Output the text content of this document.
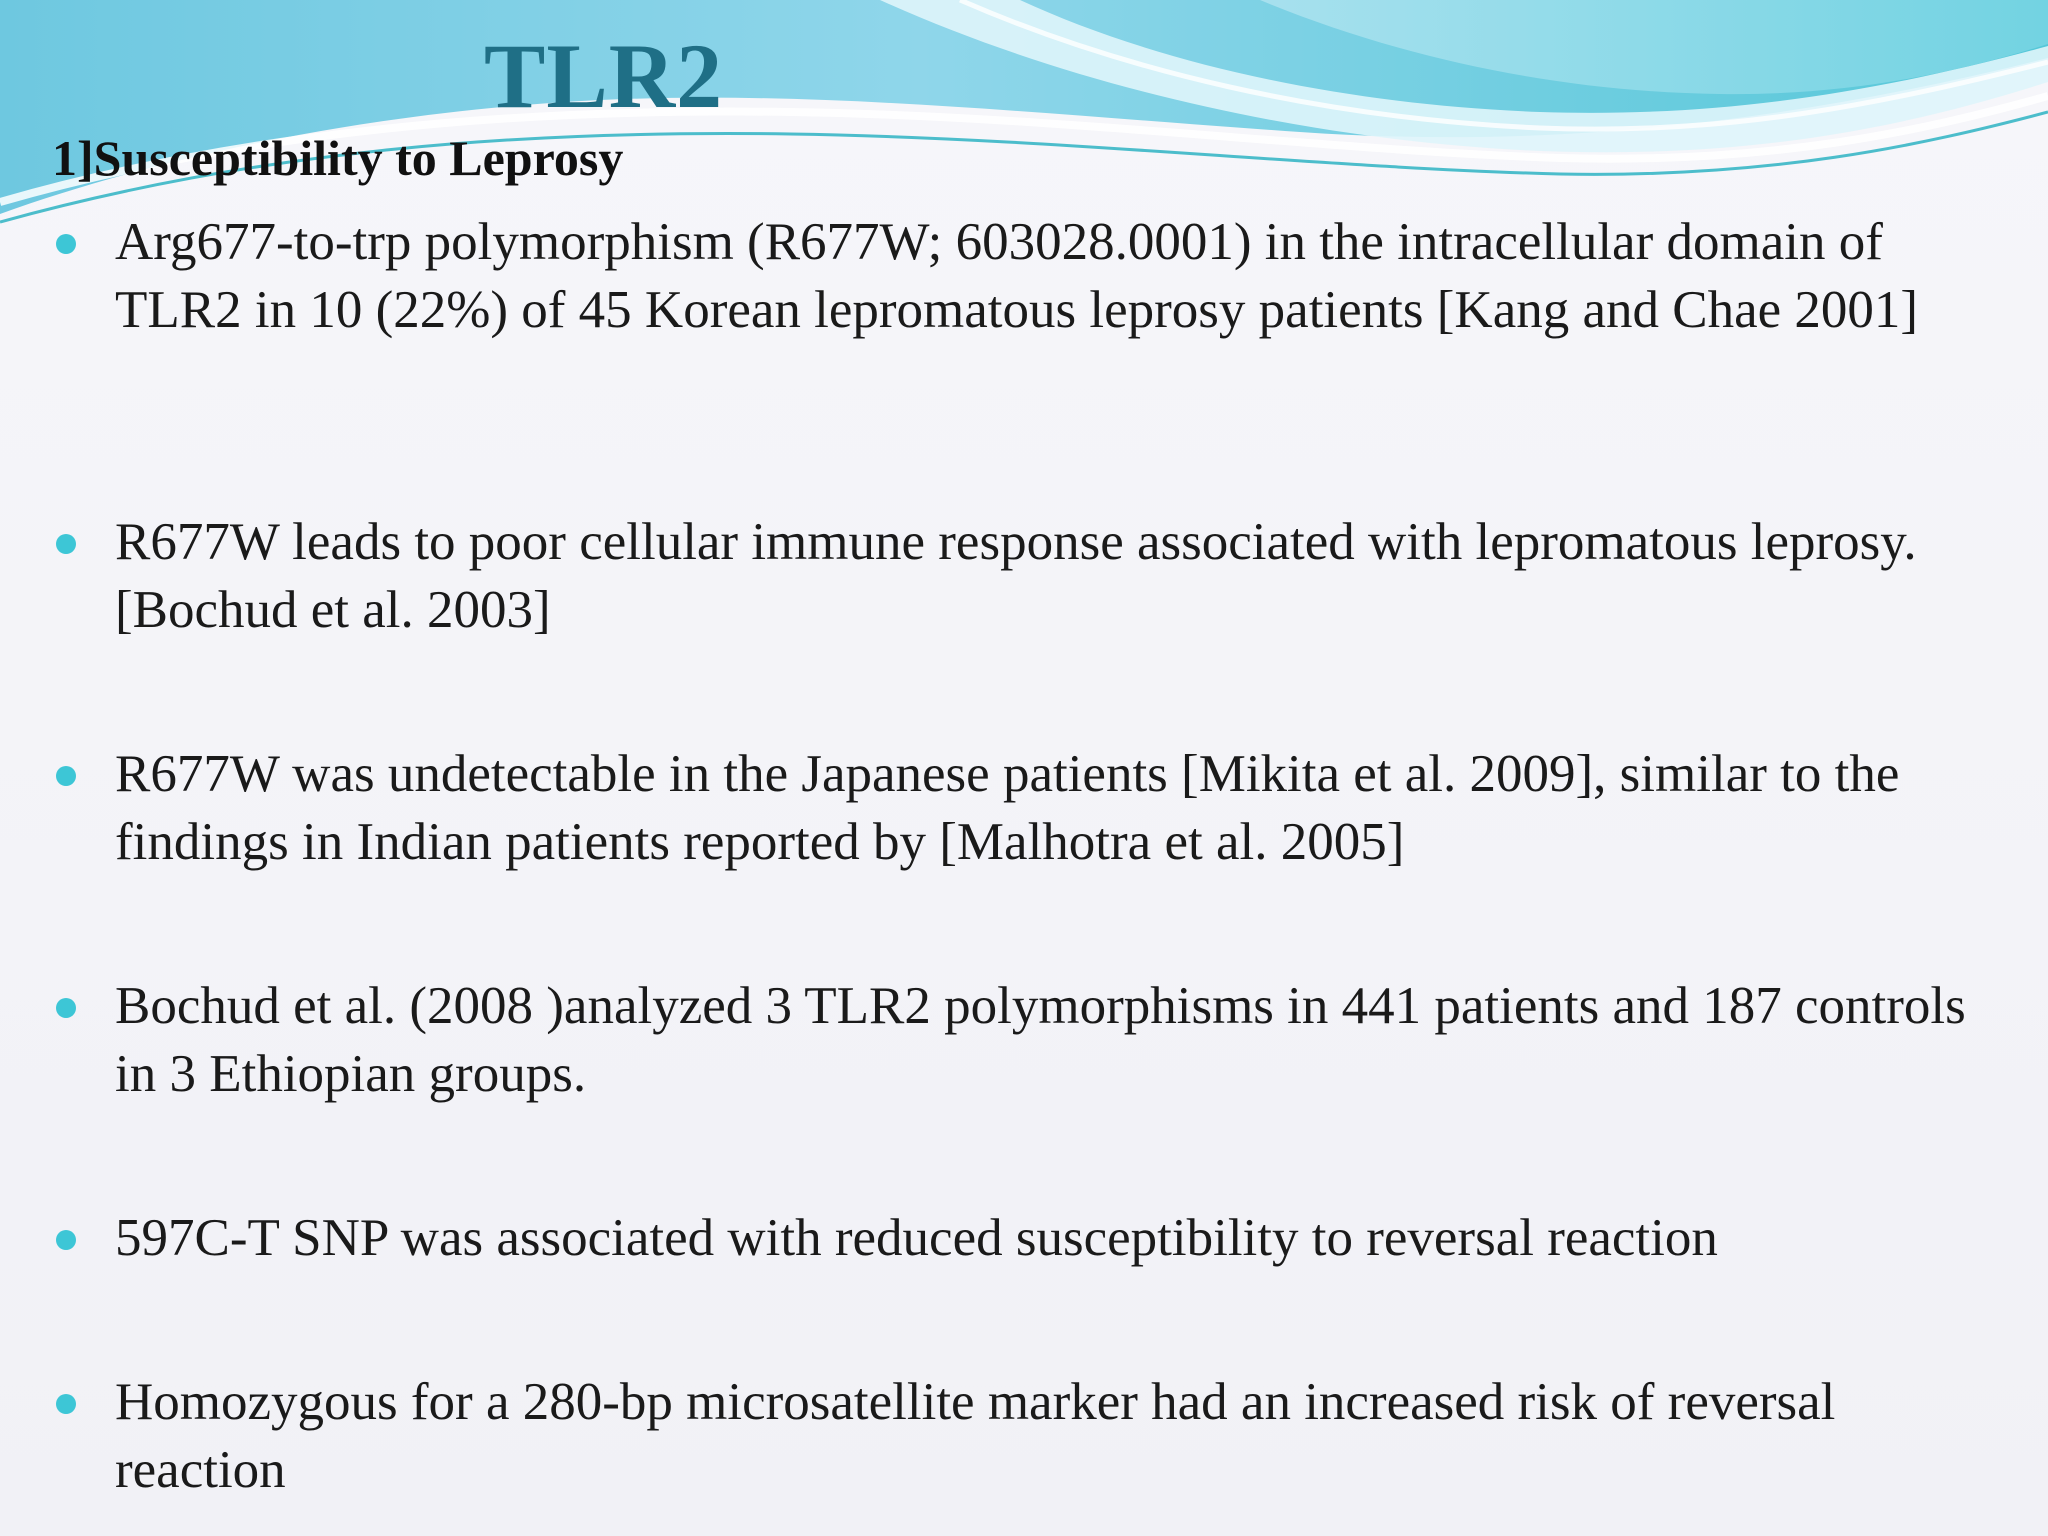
TLR2
1]Susceptibility to Leprosy
Arg677-to-trp polymorphism (R677W; 603028.0001) in the intracellular domain of TLR2 in 10 (22%) of 45 Korean lepromatous leprosy patients [Kang and Chae 2001]
R677W leads to poor cellular immune response associated with lepromatous leprosy.[Bochud et al. 2003]
R677W was undetectable in the Japanese patients [Mikita et al. 2009], similar to the findings in Indian patients reported by [Malhotra et al. 2005]
Bochud et al. (2008 )analyzed 3 TLR2 polymorphisms in 441 patients and 187 controls in 3 Ethiopian groups.
597C-T SNP was associated with reduced susceptibility to reversal reaction
Homozygous for a 280-bp microsatellite marker had an increased risk of reversal reaction
